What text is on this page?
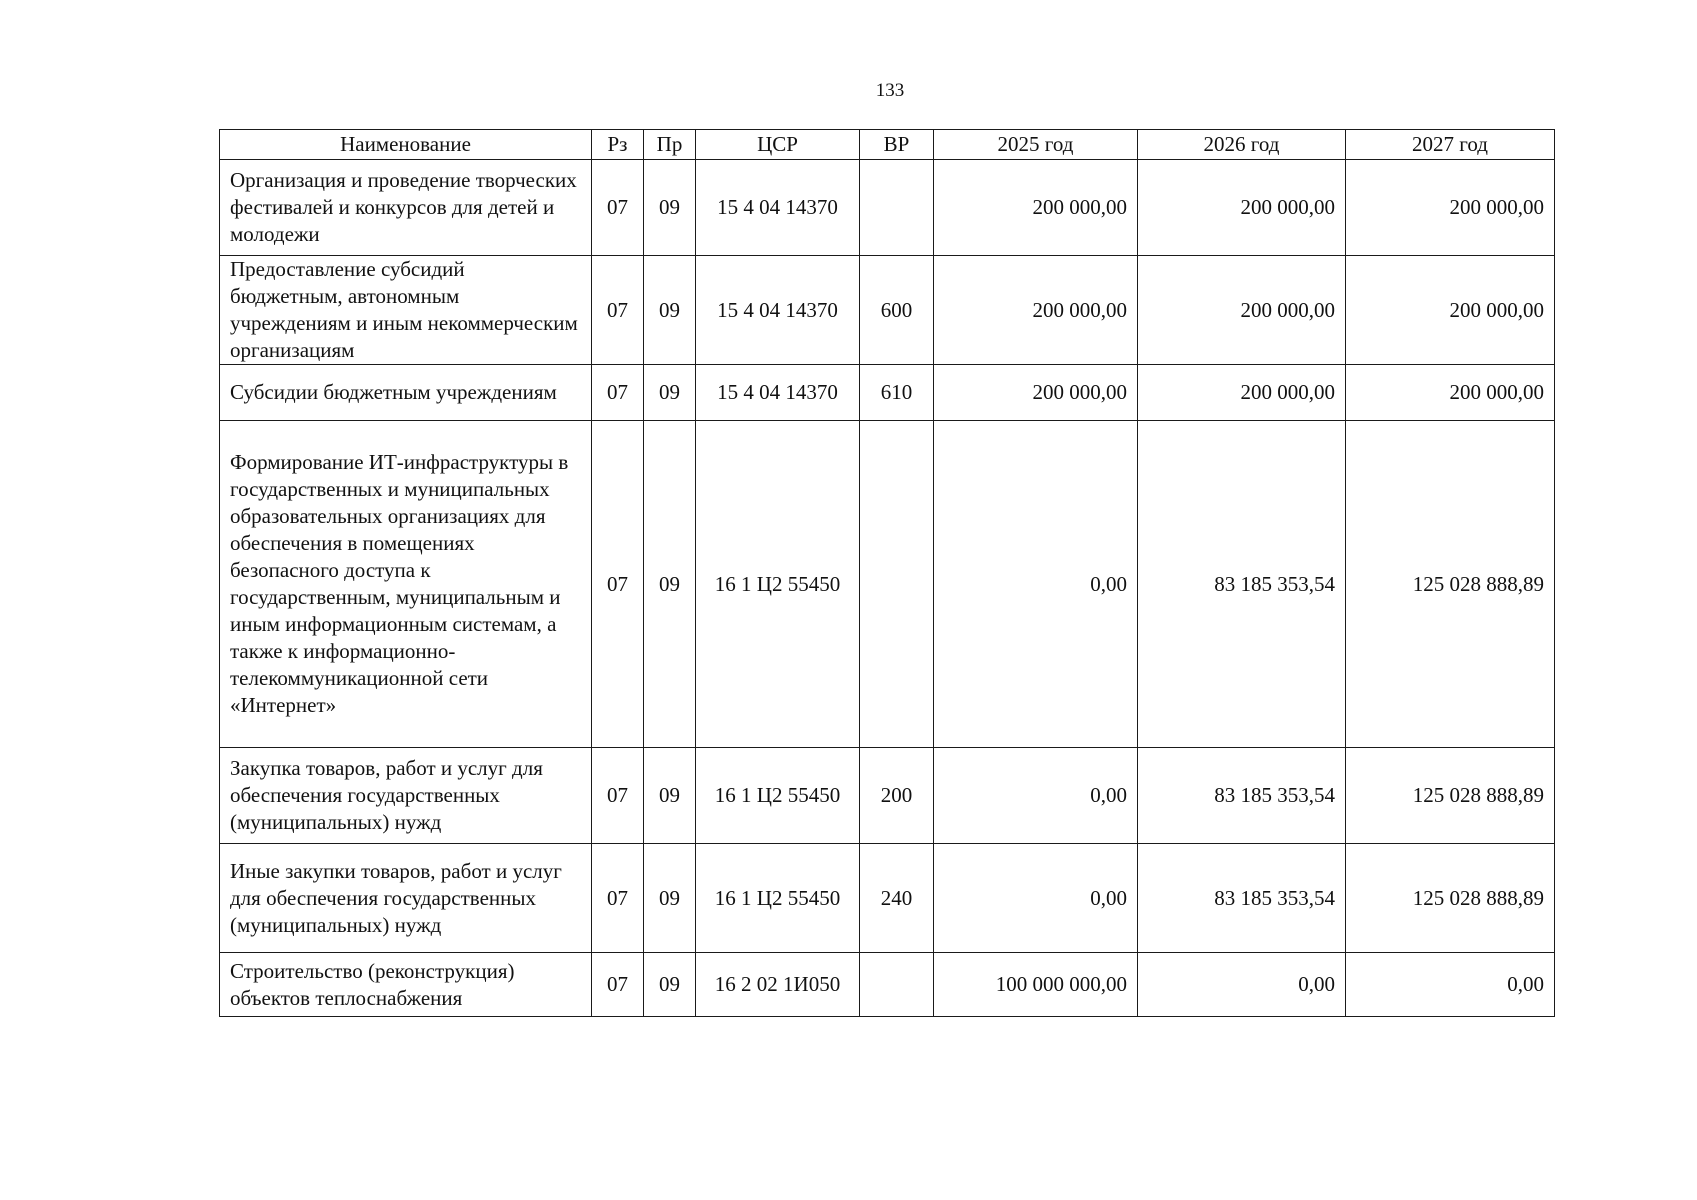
133
Наименование	Рз	Пр	ЦСР	ВР	2025 год	2026 год	2027 год
Организация и проведение творческих фестивалей и конкурсов для детей и молодежи	07	09	15 4 04 14370		200 000,00	200 000,00	200 000,00
Предоставление субсидий бюджетным, автономным учреждениям и иным некоммерческим организациям	07	09	15 4 04 14370	600	200 000,00	200 000,00	200 000,00
Субсидии бюджетным учреждениям	07	09	15 4 04 14370	610	200 000,00	200 000,00	200 000,00
Формирование ИТ-инфраструктуры в государственных и муниципальных образовательных организациях для обеспечения в помещениях безопасного доступа к государственным, муниципальным и иным информационным системам, а также к информационно-телекоммуникационной сети «Интернет»	07	09	16 1 Ц2 55450		0,00	83 185 353,54	125 028 888,89
Закупка товаров, работ и услуг для обеспечения государственных (муниципальных) нужд	07	09	16 1 Ц2 55450	200	0,00	83 185 353,54	125 028 888,89
Иные закупки товаров, работ и услуг для обеспечения государственных (муниципальных) нужд	07	09	16 1 Ц2 55450	240	0,00	83 185 353,54	125 028 888,89
Строительство (реконструкция) объектов теплоснабжения	07	09	16 2 02 1И050		100 000 000,00	0,00	0,00
